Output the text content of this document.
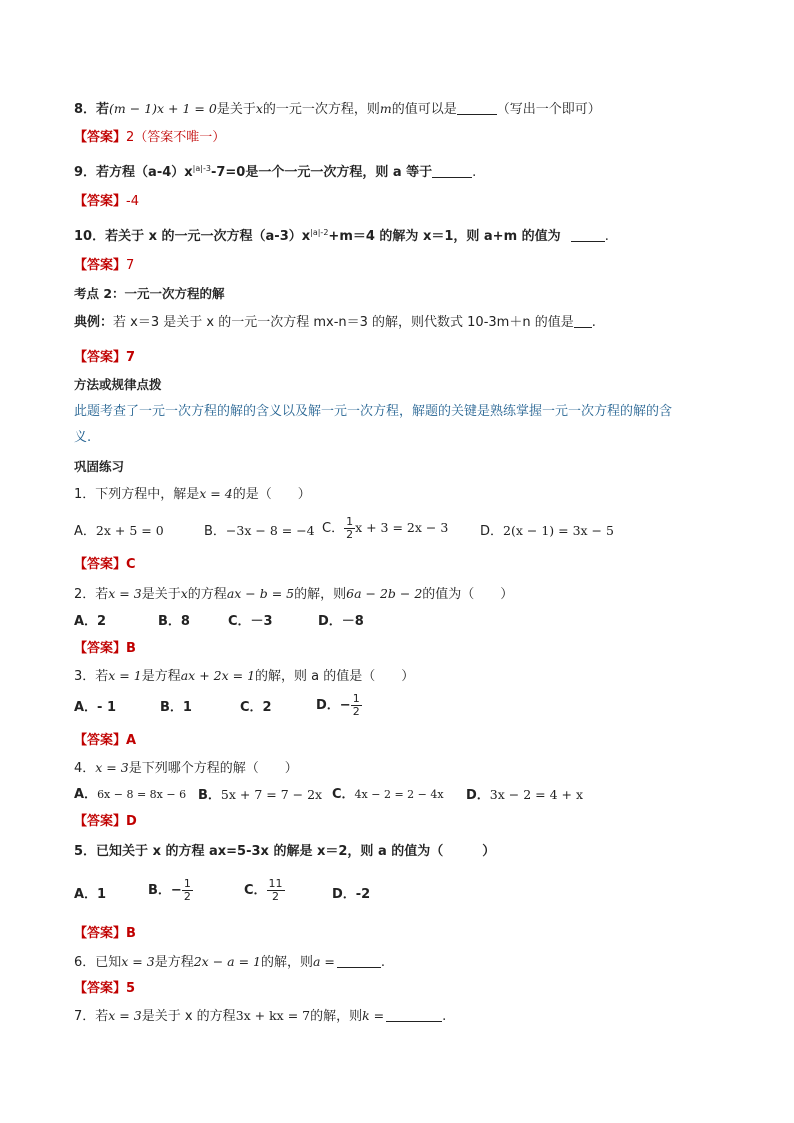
8．若(m − 1)x + 1 = 0是关于x的一元一次方程，则m的值可以是	（写出一个即可）
【答案】2（答案不唯一）
9．若方程$(a-4)x^{|a|-3}-7=0$是一个一元一次方程，则 a 等于	.
【答案】-4
10．若关于 x 的一元一次方程$(a-3)x^{|a|-2}+m=4$ 的解为 x＝1，则 a+m 的值为	.
【答案】7
考点 2：一元一次方程的解
典例：若 x＝3 是关于 x 的一元一次方程 mx-n＝3 的解，则代数式 10-3m＋n 的值是 .
【答案】7
方法或规律点拨
此题考查了一元一次方程的解的含义以及解一元一次方程，解题的关键是熟练掌握一元一次方程的解的含
义.
巩固练习
1．下列方程中，解是x = 4的是（　　）
A．2x + 5 = 0	B．−3x − 8 = −4 C． $\frac{1}{2}$ x + 3 = 2x − 3 D．2(x − 1) = 3x − 5
【答案】C
2．若x = 3是关于x的方程ax − b = 5的解，则6a − 2b − 2的值为（　　）
A．2	B．8	C．－3	D．－8
【答案】B
3．若x = 1是方程ax + 2x = 1的解，则 a 的值是（　　）
A．- 1	B．1	C．2	D．− $\frac{1}{2}$
【答案】A
4．x = 3是下列哪个方程的解（　　）
A．6x − 8 = 8x − 6 B．5x + 7 = 7 − 2x C．4x − 2 = 2 − 4x D．3x − 2 = 4 + x
【答案】D
5．已知关于 x 的方程 ax=5-3x 的解是 x＝2，则 a 的值为（　　　）
A．1	B．− $\frac{1}{2}$	C． $\frac{11}{2}$	D．-2
【答案】B
6．已知x = 3是方程2x − a = 1的解，则a =	.
【答案】5
7．若x = 3是关于 x 的方程3x + kx = 7的解，则k =	.
